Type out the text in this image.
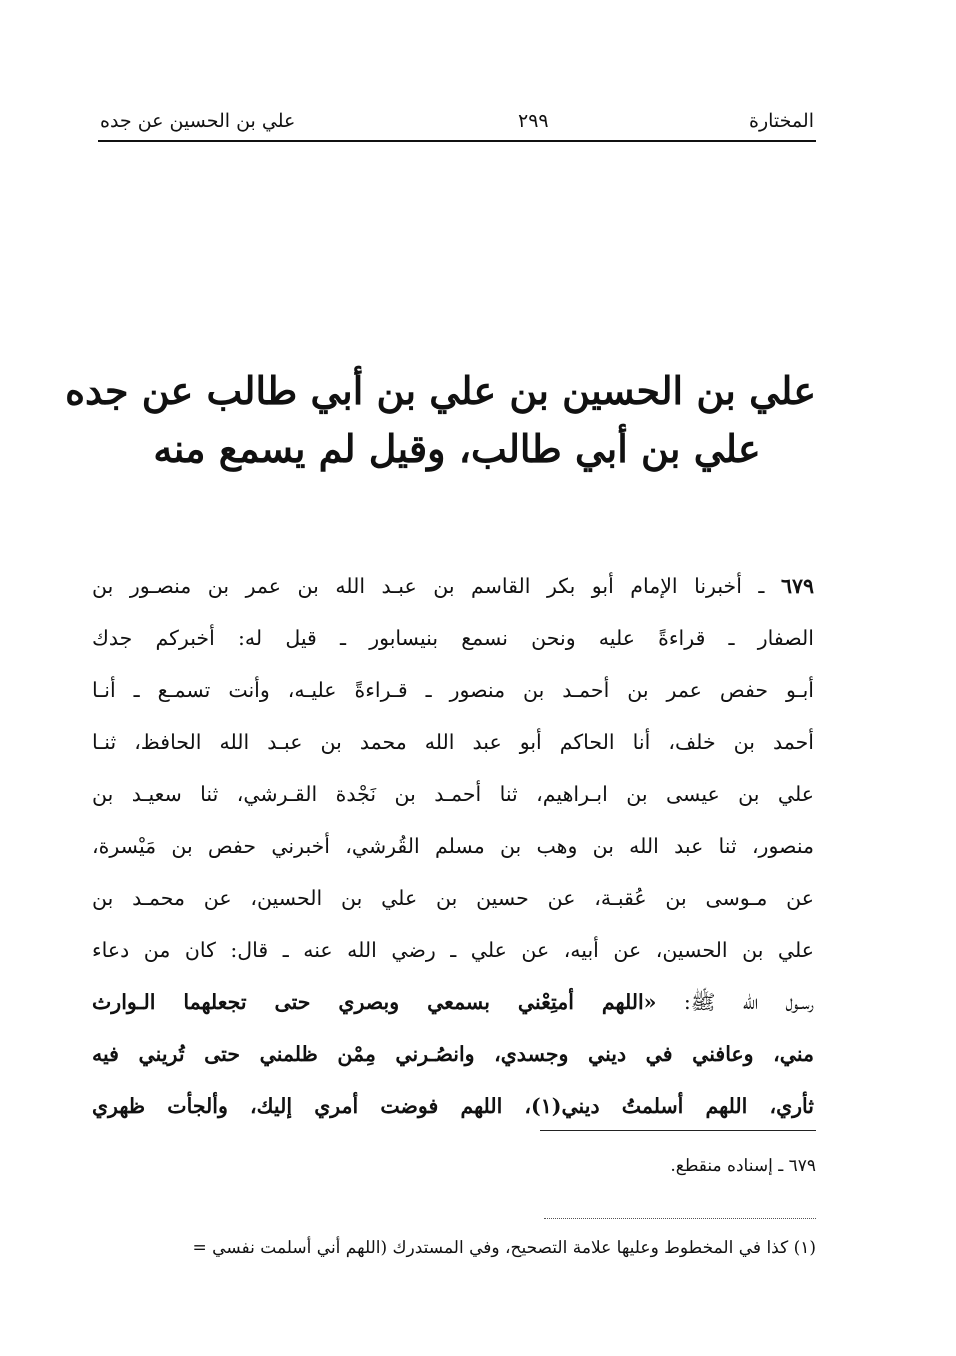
علي بن الحسين عن جده	٢٩٩	المختارة
علي بن الحسين بن علي بن أبي طالب عن جده
علي بن أبي طالب، وقيل لم يسمع منه
٦٧٩ ـ أخبرنا الإمام أبو بكر القاسم بن عبـد الله بن عمر بن منصـور بن
الصفار ـ قراءةً عليه ونحن نسمع بنيسابور ـ قيل له: أخبركم جدك
أبـو حفص عمر بن أحمـد بن منصور ـ قـراءةً عليـه، وأنت تسمـع ـ أنـا
أحمد بن خلف، أنا الحاكم أبو عبد الله محمد بن عبـد الله الحافظ، ثنـا
علي بن عيسى بن ابـراهيم، ثنا أحمـد بن نَجْدة القـرشي، ثنا سعيـد بن
منصور، ثنا عبد الله بن وهب بن مسلم القُرشي، أخبرني حفص بن مَيْسرة،
عن مـوسى بن عُقبـة، عن حسين بن علي بن الحسين، عن محمـد بن
علي بن الحسين، عن أبيه، عن علي ـ رضي الله عنه ـ قال: كان من دعاء
رسـول الله ﷺ: «اللهم أمتِعْني بسمعي وبصري حتى تجعلهما الـوارث
مني، وعافني في ديني وجسدي، وانصُـرني مِمْن ظلمني حتى تُريني فيه
ثأري، اللهم أسلمتُ ديني(١)، اللهم فوضت أمري إليك، وألجأت ظهري
٦٧٩ ـ إسناده منقطع.
(١) كذا في المخطوط وعليها علامة التصحيح، وفي المستدرك (اللهم أني أسلمت نفسي =
